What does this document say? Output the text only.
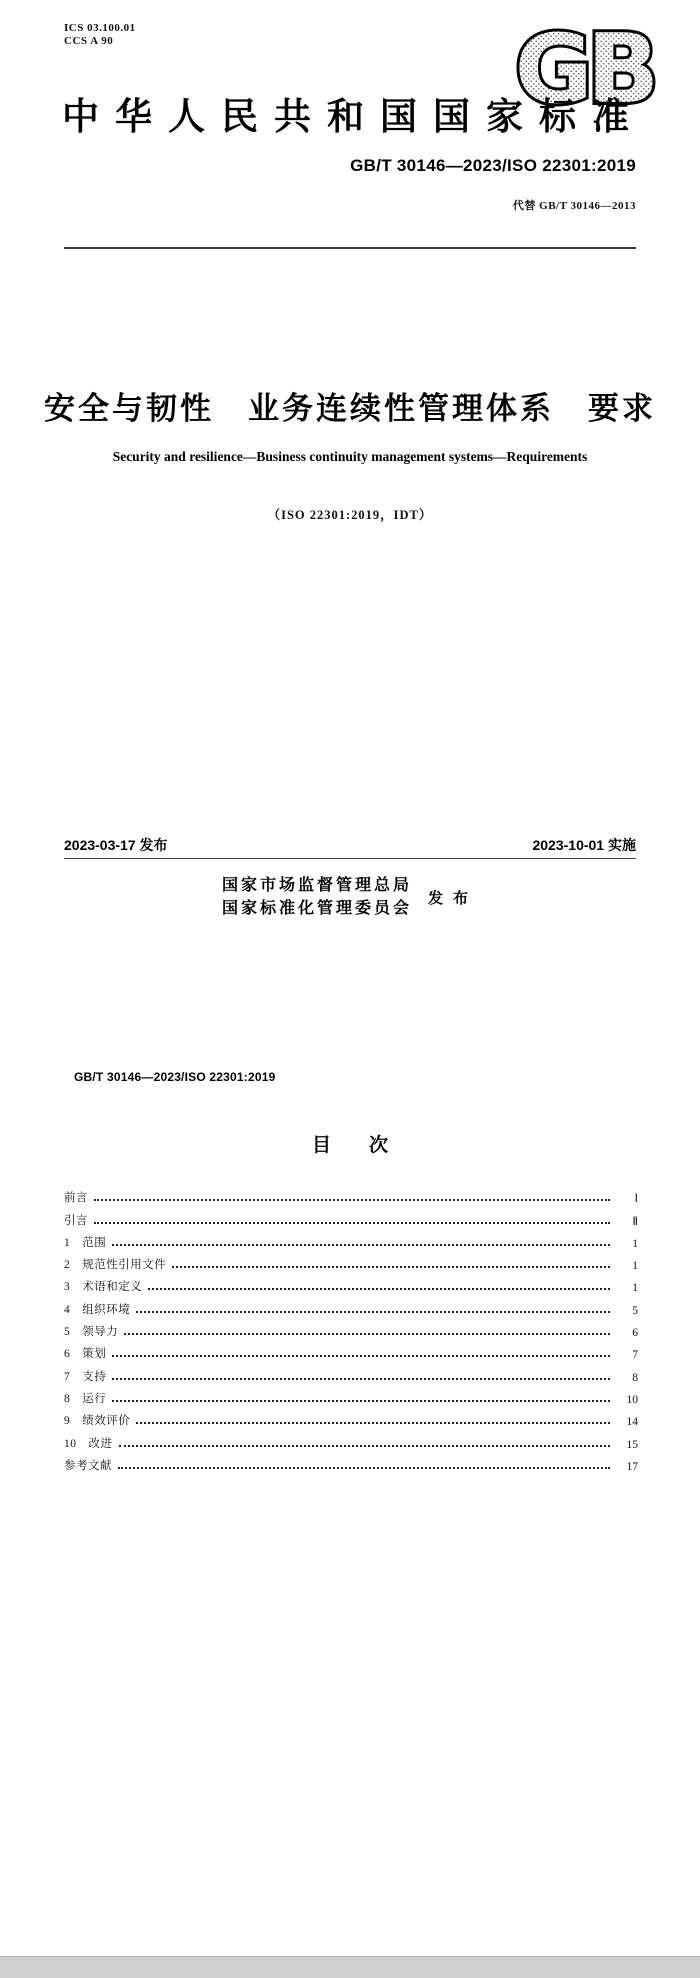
ICS 03.100.01
CCS A 90	GB
中华人民共和国国家标准
GB/T 30146—2023/ISO 22301:2019
代替 GB/T 30146—2013
安全与韧性　业务连续性管理体系　要求
Security and resilience—Business continuity management systems—Requirements
（ISO 22301:2019，IDT）
2023-03-17 发布	2023-10-01 实施
国家市场监督管理总局
国家标准化管理委员会
发布
GB/T 30146—2023/ISO 22301:2019
目　　次
前言	Ⅰ
引言	Ⅱ
1　范围	1
2　规范性引用文件	1
3　术语和定义	1
4　组织环境	5
5　领导力	6
6　策划	7
7　支持	8
8　运行	10
9　绩效评价	14
10　改进	15
参考文献	17
